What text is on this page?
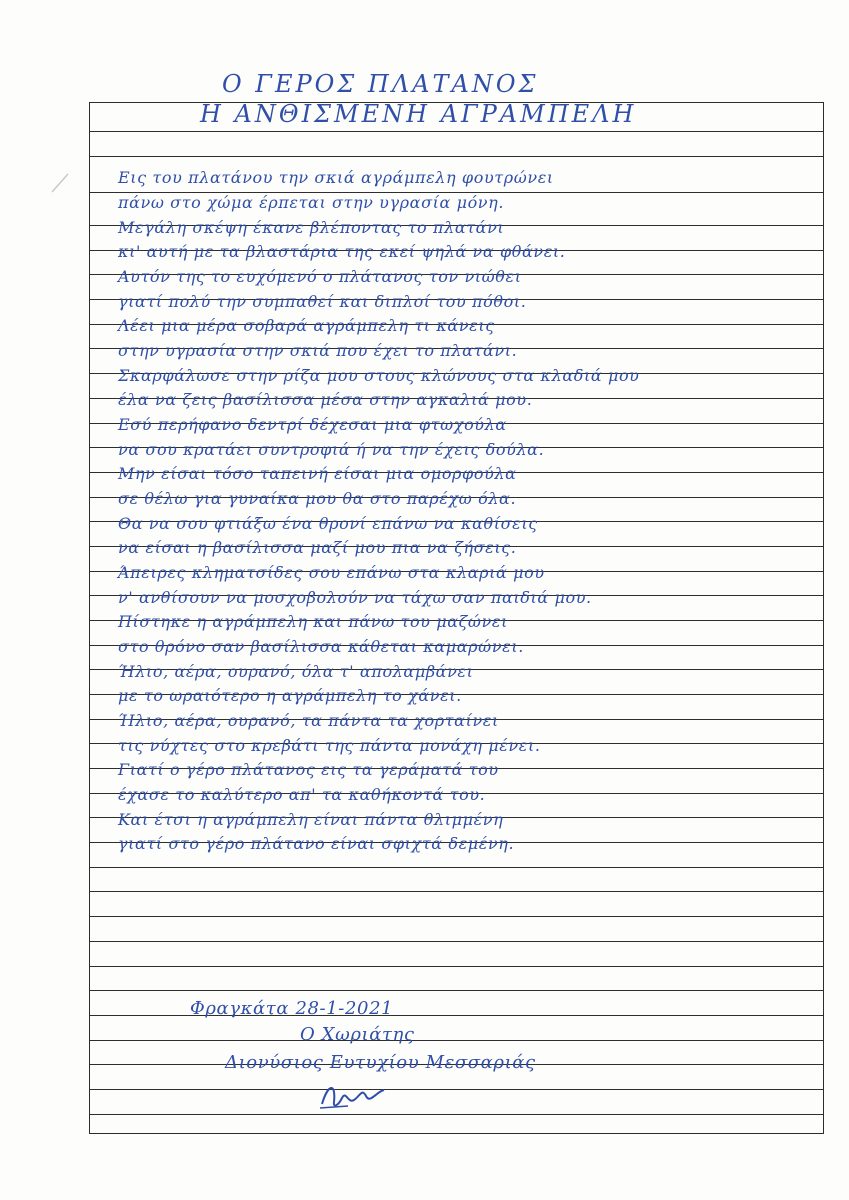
Ο ΓΕΡΟΣ ΠΛΑΤΑΝΟΣ
Η ΑΝΘΙΣΜΕΝΗ ΑΓΡΑΜΠΕΛΗ
Εις του πλατάνου την σκιά αγράμπελη φουτρώνει
πάνω στο χώμα έρπεται στην υγρασία μόνη.
Μεγάλη σκέψη έκανε βλέποντας το πλατάνι
κι' αυτή με τα βλαστάρια της εκεί ψηλά να φθάνει.
Αυτόν της το ευχόμενό ο πλάτανος τον νιώθει
γιατί πολύ την συμπαθεί και διπλοί του πόθοι.
Λέει μια μέρα σοβαρά αγράμπελη τι κάνεις
στην υγρασία στην σκιά που έχει το πλατάνι.
Σκαρφάλωσε στην ρίζα μου στους κλώνους στα κλαδιά μου
έλα να ζεις βασίλισσα μέσα στην αγκαλιά μου.
Εσύ περήφανο δεντρί δέχεσαι μια φτωχούλα
να σου κρατάει συντροφιά ή να την έχεις δούλα.
Μην είσαι τόσο ταπεινή είσαι μια ομορφούλα
σε θέλω για γυναίκα μου θα στο παρέχω όλα.
Θα να σου φτιάξω ένα θρονί επάνω να καθίσεις
να είσαι η βασίλισσα μαζί μου πια να ζήσεις.
Άπειρες κληματσίδες σου επάνω στα κλαριά μου
ν' ανθίσουν να μοσχοβολούν να τάχω σαν παιδιά μου.
Πίστηκε η αγράμπελη και πάνω του μαζώνει
στο θρόνο σαν βασίλισσα κάθεται καμαρώνει.
Ήλιο, αέρα, ουρανό, όλα τ' απολαμβάνει
με το ωραιότερο η αγράμπελη το χάνει.
Ήλιο, αέρα, ουρανό, τα πάντα τα χορταίνει
τις νύχτες στο κρεβάτι της πάντα μονάχη μένει.
Γιατί ο γέρο πλάτανος εις τα γεράματά του
έχασε το καλύτερο απ' τα καθήκοντά του.
Και έτσι η αγράμπελη είναι πάντα θλιμμένη
γιατί στο γέρο πλάτανο είναι σφιχτά δεμένη.
Φραγκάτα 28-1-2021
Ο Χωριάτης
Διονύσιος Ευτυχίου Μεσσαριάς
